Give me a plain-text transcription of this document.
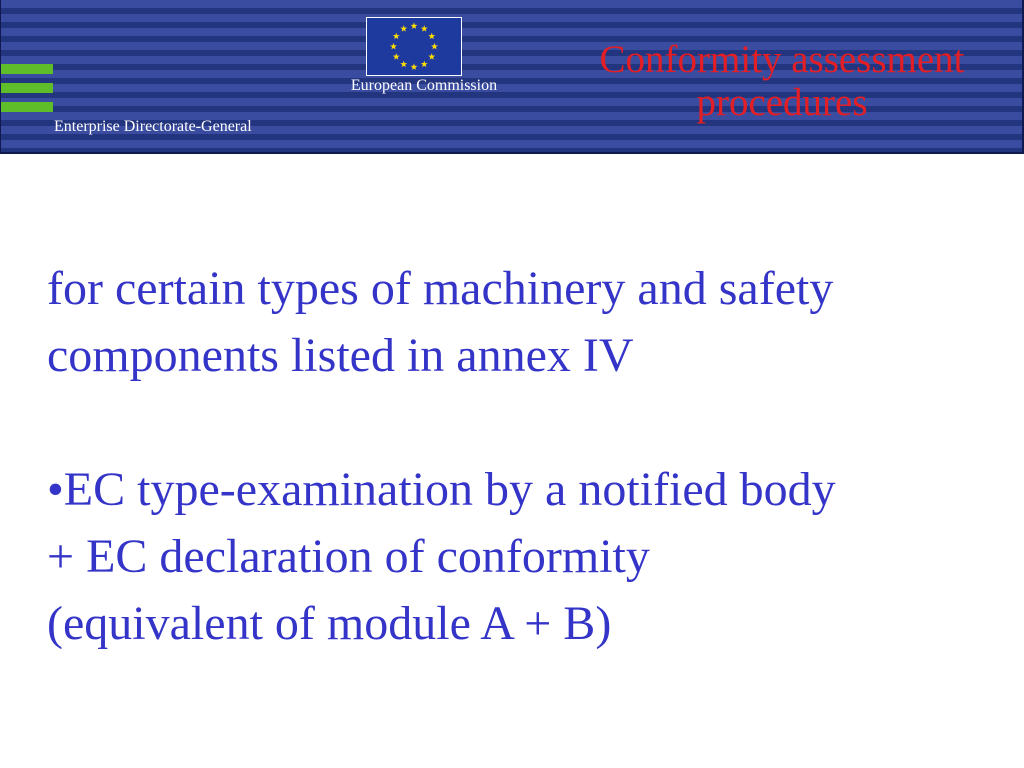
European Commission
Enterprise Directorate-General
Conformity assessment
procedures
for certain types of machinery and safety
components listed in annex IV
•EC type-examination by a notified body
+ EC declaration of conformity
(equivalent of module A + B)
